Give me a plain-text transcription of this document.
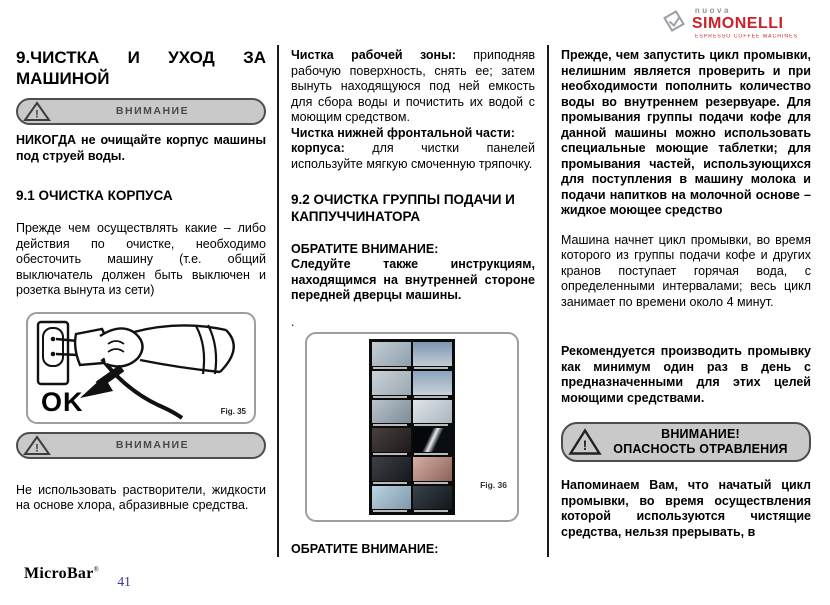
nuova
SIMONELLI
ESPRESSO COFFEE MACHINES
9.ЧИСТКА И УХОД ЗА МАШИНОЙ
!	ВНИМАНИЕ

НИКОГДА не очищайте корпус машины под струей воды.

9.1 ОЧИСТКА КОРПУСА

Прежде чем осуществлять какие – либо действия по очистке, необходимо обесточить машину (т.е. общий выключатель должен быть выключен и розетка вынута из сети)

OK	Fig. 35
!	ВНИМАНИЕ

Не использовать растворители, жидкости на основе хлора, абразивные средства.

Чистка рабочей зоны: приподняв рабочую поверхность, снять ее; затем вынуть находящуюся под ней емкость для сбора воды и почистить их водой с моющим средством.

Чистка нижней фронтальной части:

корпуса: для чистки панелей используйте мягкую смоченную тряпочку.

9.2 ОЧИСТКА ГРУППЫ ПОДАЧИ И КАППУЧЧИНАТОРА

ОБРАТИТЕ ВНИМАНИЕ:

Следуйте также инструкциям, находящимся на внутренней стороне передней дверцы машины.

.
Fig. 36

ОБРАТИТЕ ВНИМАНИЕ:

Прежде, чем запустить цикл промывки, нелишним является проверить и при необходимости пополнить количество воды во внутреннем резервуаре. Для промывания группы подачи кофе для данной машины можно использовать специальные моющие таблетки; для промывания частей, использующихся для поступления в машину молока и подачи напитков на молочной основе – жидкое моющее средство

Машина начнет цикл промывки, во время которого из группы подачи кофе и других кранов поступает горячая вода, с определенными интервалами; весь цикл занимает по времени около 4 минут.

Рекомендуется производить промывку как минимум один раз в день с предназначенными для этих целей моющими средствами.

!
ВНИМАНИЕ!
ОПАСНОСТЬ ОТРАВЛЕНИЯ

Напоминаем Вам, что начатый цикл промывки, во время осуществления которой используются чистящие средства, нельзя прерывать, в

MicroBar® $_{41}$
